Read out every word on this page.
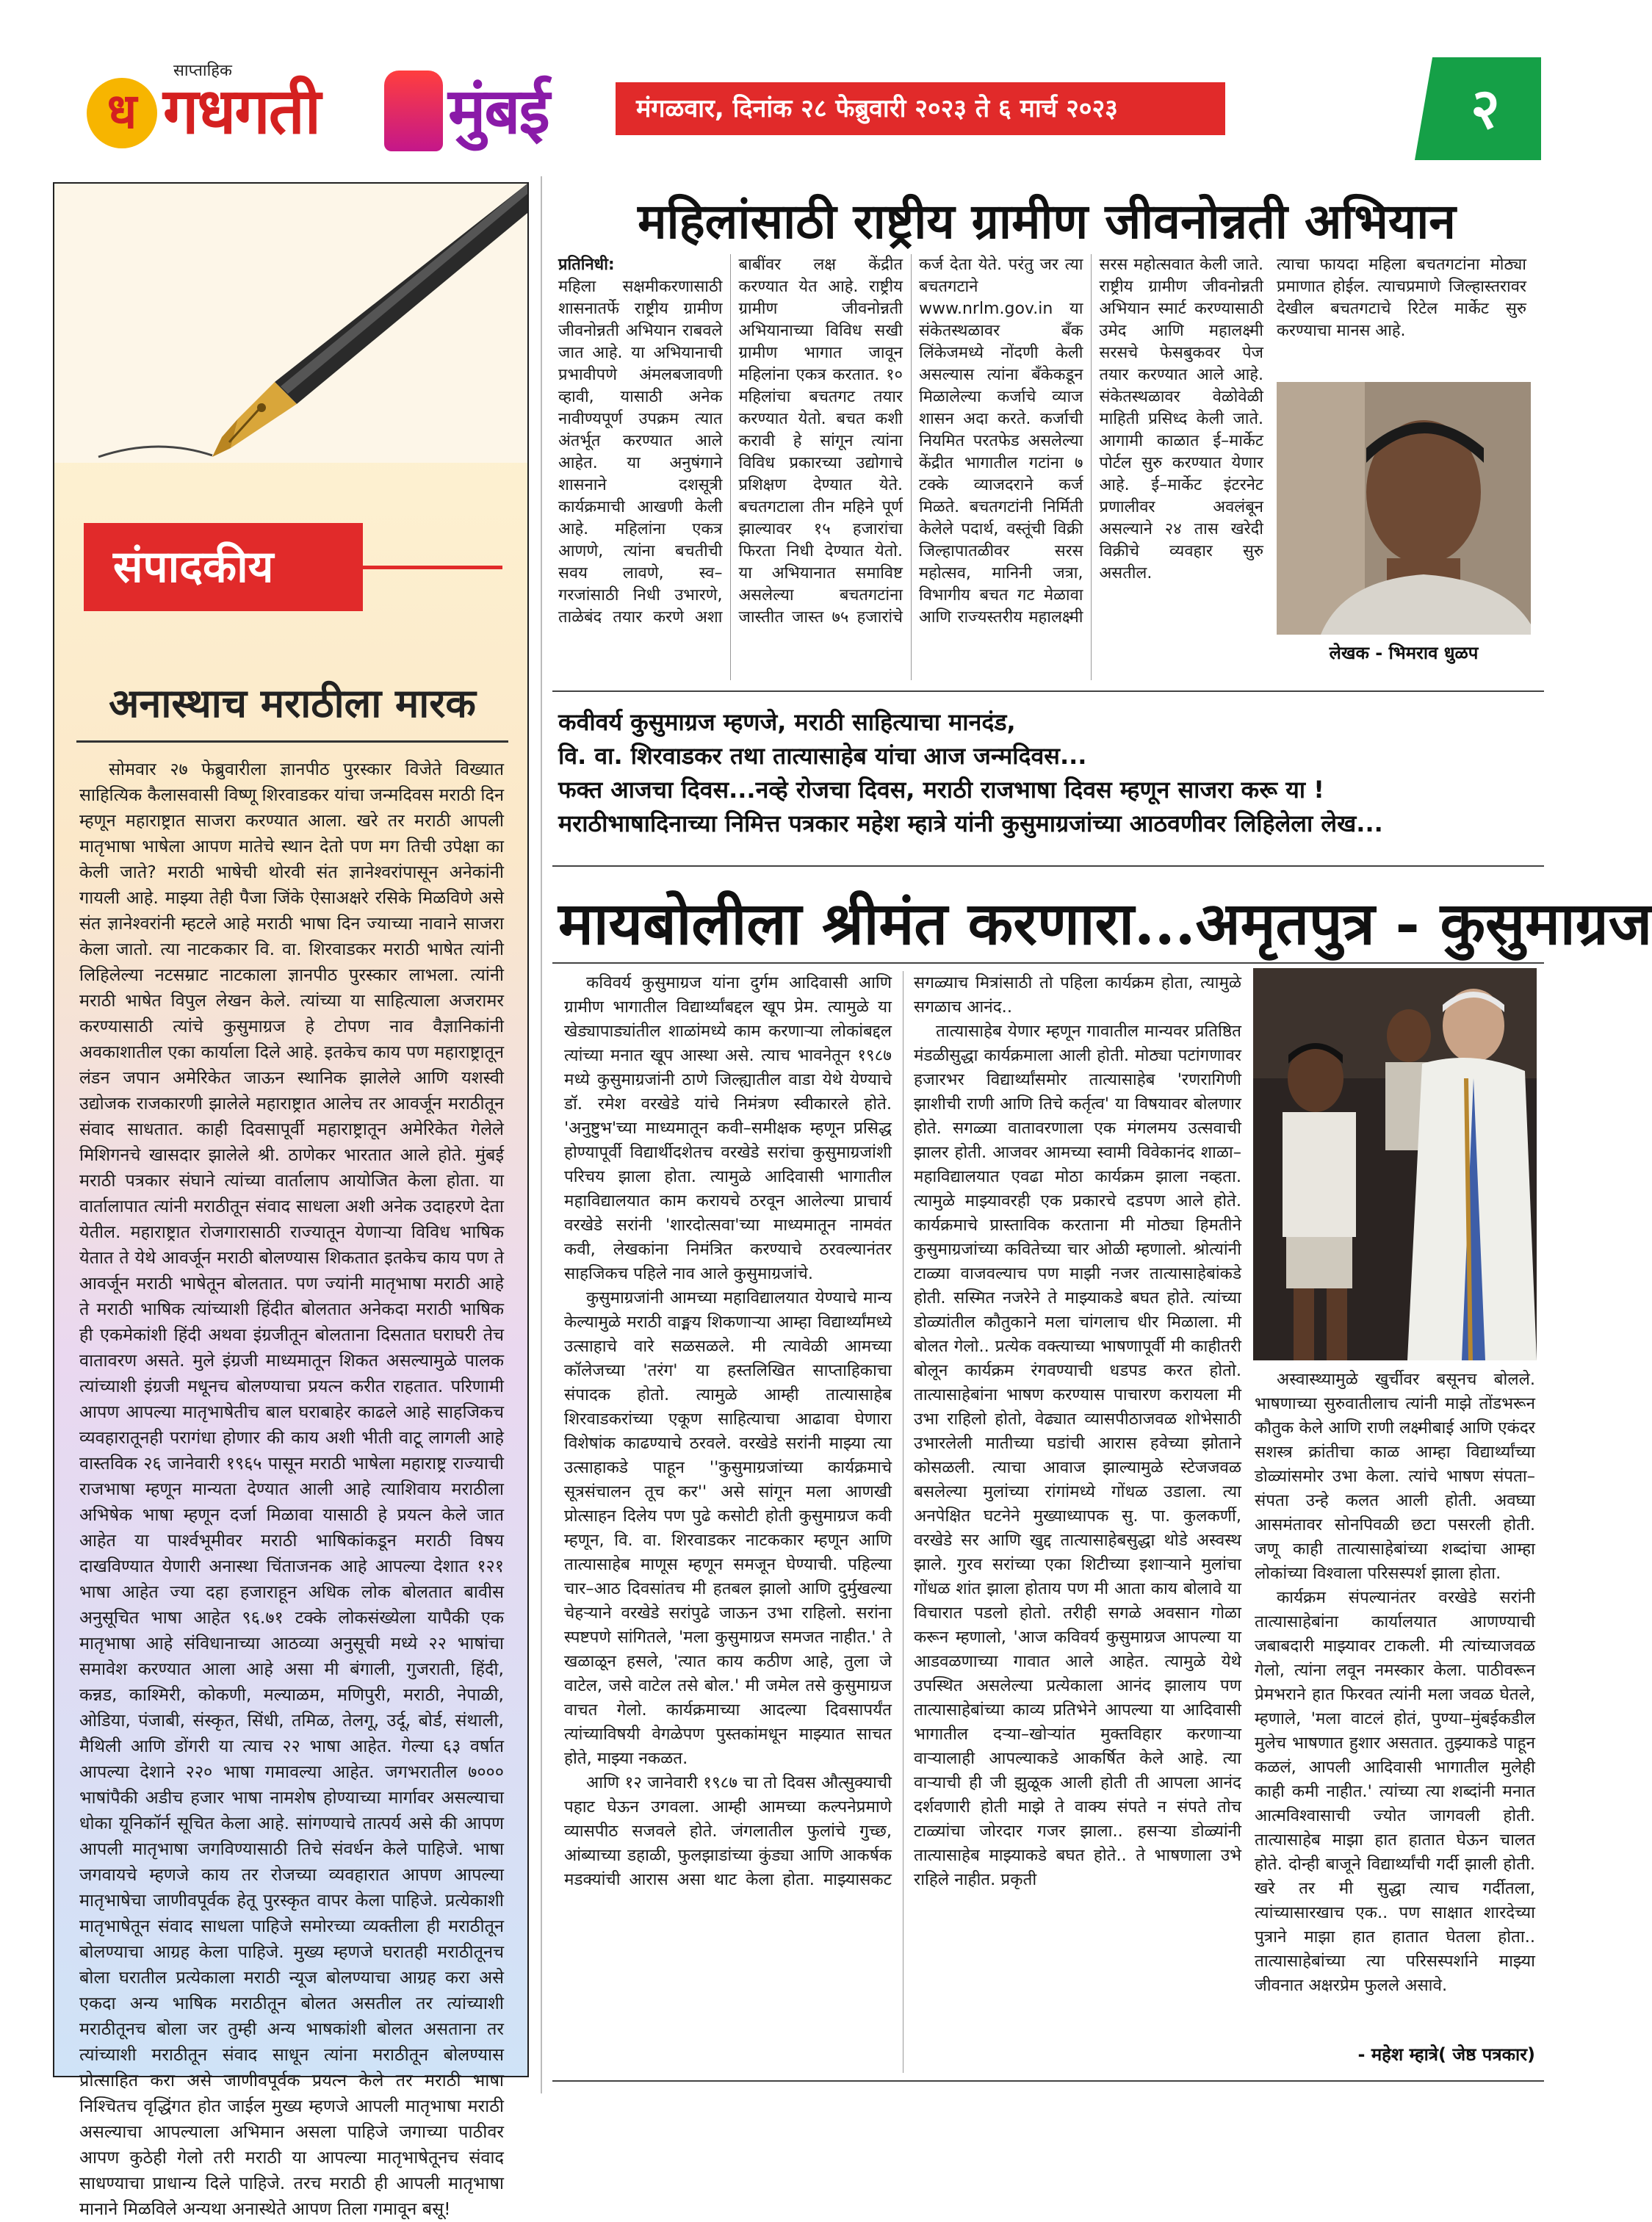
साप्ताहिक
ध गधगती मुंबई	मंगळवार, दिनांक २८ फेब्रुवारी २०२३ ते ६ मार्च २०२३	२
संपादकीय
अनास्थाच मराठीला मारक
सोमवार २७ फेब्रुवारीला ज्ञानपीठ पुरस्कार विजेते विख्यात साहित्यिक कैलासवासी विष्णू शिरवाडकर यांचा जन्मदिवस मराठी दिन म्हणून महाराष्ट्रात साजरा करण्यात आला. खरे तर मराठी आपली मातृभाषा भाषेला आपण मातेचे स्थान देतो पण मग तिची उपेक्षा का केली जाते? मराठी भाषेची थोरवी संत ज्ञानेश्वरांपासून अनेकांनी गायली आहे. माझ्या तेही पैजा जिंके ऐसाअक्षरे रसिके मिळविणे असे संत ज्ञानेश्वरांनी म्हटले आहे मराठी भाषा दिन ज्याच्या नावाने साजरा केला जातो. त्या नाटककार वि. वा. शिरवाडकर मराठी भाषेत त्यांनी लिहिलेल्या नटसम्राट नाटकाला ज्ञानपीठ पुरस्कार लाभला. त्यांनी मराठी भाषेत विपुल लेखन केले. त्यांच्या या साहित्याला अजरामर करण्यासाठी त्यांचे कुसुमाग्रज हे टोपण नाव वैज्ञानिकांनी अवकाशातील एका कार्याला दिले आहे. इतकेच काय पण महाराष्ट्रातून लंडन जपान अमेरिकेत जाऊन स्थानिक झालेले आणि यशस्वी उद्योजक राजकारणी झालेले महाराष्ट्रात आलेच तर आवर्जून मराठीतून संवाद साधतात. काही दिवसापूर्वी महाराष्ट्रातून अमेरिकेत गेलेले मिशिगनचे खासदार झालेले श्री. ठाणेकर भारतात आले होते. मुंबई मराठी पत्रकार संघाने त्यांच्या वार्तालाप आयोजित केला होता. या वार्तालापात त्यांनी मराठीतून संवाद साधला अशी अनेक उदाहरणे देता येतील. महाराष्ट्रात रोजगारासाठी राज्यातून येणाऱ्या विविध भाषिक येतात ते येथे आवर्जून मराठी बोलण्यास शिकतात इतकेच काय पण ते आवर्जून मराठी भाषेतून बोलतात. पण ज्यांनी मातृभाषा मराठी आहे ते मराठी भाषिक त्यांच्याशी हिंदीत बोलतात अनेकदा मराठी भाषिक ही एकमेकांशी हिंदी अथवा इंग्रजीतून बोलताना दिसतात घराघरी तेच वातावरण असते. मुले इंग्रजी माध्यमातून शिकत असल्यामुळे पालक त्यांच्याशी इंग्रजी मधूनच बोलण्याचा प्रयत्न करीत राहतात. परिणामी आपण आपल्या मातृभाषेतीच बाल घराबाहेर काढले आहे साहजिकच व्यवहारातूनही परागंधा होणार की काय अशी भीती वाटू लागली आहे वास्तविक २६ जानेवारी १९६५ पासून मराठी भाषेला महाराष्ट्र राज्याची राजभाषा म्हणून मान्यता देण्यात आली आहे त्याशिवाय मराठीला अभिषेक भाषा म्हणून दर्जा मिळावा यासाठी हे प्रयत्न केले जात आहेत या पार्श्वभूमीवर मराठी भाषिकांकडून मराठी विषय दाखविण्यात येणारी अनास्था चिंताजनक आहे आपल्या देशात १२१ भाषा आहेत ज्या दहा हजाराहून अधिक लोक बोलतात बावीस अनुसूचित भाषा आहेत ९६.७१ टक्के लोकसंख्येला यापैकी एक मातृभाषा आहे संविधानाच्या आठव्या अनुसूची मध्ये २२ भाषांचा समावेश करण्यात आला आहे असा मी बंगाली, गुजराती, हिंदी, कन्नड, काश्मिरी, कोकणी, मल्याळम, मणिपुरी, मराठी, नेपाळी, ओडिया, पंजाबी, संस्कृत, सिंधी, तमिळ, तेलगू, उर्दू, बोर्ड, संथाली, मैथिली आणि डोंगरी या त्याच २२ भाषा आहेत. गेल्या ६३ वर्षात आपल्या देशाने २२० भाषा गमावल्या आहेत. जगभरातील ७००० भाषांपैकी अडीच हजार भाषा नामशेष होण्याच्या मार्गावर असल्याचा धोका यूनिकॉर्न सूचित केला आहे. सांगण्याचे तात्पर्य असे की आपण आपली मातृभाषा जगविण्यासाठी तिचे संवर्धन केले पाहिजे. भाषा जगवायचे म्हणजे काय तर रोजच्या व्यवहारात आपण आपल्या मातृभाषेचा जाणीवपूर्वक हेतू पुरस्कृत वापर केला पाहिजे. प्रत्येकाशी मातृभाषेतून संवाद साधला पाहिजे समोरच्या व्यक्तीला ही मराठीतून बोलण्याचा आग्रह केला पाहिजे. मुख्य म्हणजे घरातही मराठीतूनच बोला घरातील प्रत्येकाला मराठी न्यूज बोलण्याचा आग्रह करा असे एकदा अन्य भाषिक मराठीतून बोलत असतील तर त्यांच्याशी मराठीतूनच बोला जर तुम्ही अन्य भाषकांशी बोलत असताना तर त्यांच्याशी मराठीतून संवाद साधून त्यांना मराठीतून बोलण्यास प्रोत्साहित करा असे जाणीवपूर्वक प्रयत्न केले तर मराठी भाषा निश्चितच वृद्धिंगत होत जाईल मुख्य म्हणजे आपली मातृभाषा मराठी असल्याचा आपल्याला अभिमान असला पाहिजे जगाच्या पाठीवर आपण कुठेही गेलो तरी मराठी या आपल्या मातृभाषेतूनच संवाद साधण्याचा प्राधान्य दिले पाहिजे. तरच मराठी ही आपली मातृभाषा मानाने मिळविले अन्यथा अनास्थेते आपण तिला गमावून बसू!
महिलांसाठी राष्ट्रीय ग्रामीण जीवनोन्नती अभियान
प्रतिनिधी:
महिला सक्षमीकरणासाठी शासनातर्फे राष्ट्रीय ग्रामीण जीवनोन्नती अभियान राबवले जात आहे. या अभियानाची प्रभावीपणे अंमलबजावणी व्हावी, यासाठी अनेक नावीण्यपूर्ण उपक्रम त्यात अंतर्भूत करण्यात आले आहेत. या अनुषंगाने शासनाने दशसूत्री कार्यक्रमाची आखणी केली आहे. महिलांना एकत्र आणणे, त्यांना बचतीची सवय लावणे, स्व–गरजांसाठी निधी उभारणे, ताळेबंद तयार करणे अशा बाबींवर लक्ष केंद्रीत करण्यात येत आहे. राष्ट्रीय ग्रामीण जीवनोन्नती अभियानाच्या विविध सखी ग्रामीण भागात जावून महिलांना एकत्र करतात. १० महिलांचा बचतगट तयार करण्यात येतो. बचत कशी करावी हे सांगून त्यांना विविध प्रकारच्या उद्योगाचे प्रशिक्षण देण्यात येते. बचतगटाला तीन महिने पूर्ण झाल्यावर १५ हजारांचा फिरता निधी देण्यात येतो. या अभियानात समाविष्ट असलेल्या बचतगटांना जास्तीत जास्त ७५ हजारांचे कर्ज देता येते. परंतु जर त्या बचतगटाने www.nrlm.gov.in या संकेतस्थळावर बँक लिंकेजमध्ये नोंदणी केली असल्यास त्यांना बँकेकडून मिळालेल्या कर्जाचे व्याज शासन अदा करते. कर्जाची नियमित परतफेड असलेल्या केंद्रीत भागातील गटांना ७ टक्के व्याजदराने कर्ज मिळते. बचतगटांनी निर्मिती केलेले पदार्थ, वस्तूंची विक्री जिल्हापातळीवर सरस महोत्सव, मानिनी जत्रा, विभागीय बचत गट मेळावा आणि राज्यस्तरीय महालक्ष्मी सरस महोत्सवात केली जाते. राष्ट्रीय ग्रामीण जीवनोन्नती अभियान स्मार्ट करण्यासाठी उमेद आणि महालक्ष्मी सरसचे फेसबुकवर पेज तयार करण्यात आले आहे. संकेतस्थळावर वेळोवेळी माहिती प्रसिध्द केली जाते. आगामी काळात ई–मार्केट पोर्टल सुरु करण्यात येणार आहे. ई–मार्केट इंटरनेट प्रणालीवर अवलंबून असल्याने २४ तास खरेदी विक्रीचे व्यवहार सुरु असतील.
त्याचा फायदा महिला बचतगटांना मोठ्या प्रमाणात होईल. त्याचप्रमाणे जिल्हास्तरावर देखील बचतगटाचे रिटेल मार्केट सुरु करण्याचा मानस आहे.
लेखक - भिमराव धुळप
कवीवर्य कुसुमाग्रज म्हणजे, मराठी साहित्याचा मानदंड,
वि. वा. शिरवाडकर तथा तात्यासाहेब यांचा आज जन्मदिवस...
फक्त आजचा दिवस...नव्हे रोजचा दिवस, मराठी राजभाषा दिवस म्हणून साजरा करू या !
मराठीभाषादिनाच्या निमित्त पत्रकार महेश म्हात्रे यांनी कुसुमाग्रजांच्या आठवणीवर लिहिलेला लेख...
मायबोलीला श्रीमंत करणारा...अमृतपुत्र - कुसुमाग्रज

कविवर्य कुसुमाग्रज यांना दुर्गम आदिवासी आणि ग्रामीण भागातील विद्यार्थ्यांबद्दल खूप प्रेम. त्यामुळे या खेड्यापाड्यांतील शाळांमध्ये काम करणाऱ्या लोकांबद्दल त्यांच्या मनात खूप आस्था असे. त्याच भावनेतून १९८७ मध्ये कुसुमाग्रजांनी ठाणे जिल्ह्यातील वाडा येथे येण्याचे डॉ. रमेश वरखेडे यांचे निमंत्रण स्वीकारले होते. 'अनुष्टुभ'च्या माध्यमातून कवी–समीक्षक म्हणून प्रसिद्ध होण्यापूर्वी विद्यार्थीदशेतच वरखेडे सरांचा कुसुमाग्रजांशी परिचय झाला होता. त्यामुळे आदिवासी भागातील महाविद्यालयात काम करायचे ठरवून आलेल्या प्राचार्य वरखेडे सरांनी 'शारदोत्सवा'च्या माध्यमातून नामवंत कवी, लेखकांना निमंत्रित करण्याचे ठरवल्यानंतर साहजिकच पहिले नाव आले कुसुमाग्रजांचे.

कुसुमाग्रजांनी आमच्या महाविद्यालयात येण्याचे मान्य केल्यामुळे मराठी वाङ्मय शिकणाऱ्या आम्हा विद्यार्थ्यांमध्ये उत्साहाचे वारे सळसळले. मी त्यावेळी आमच्या कॉलेजच्या 'तरंग' या हस्तलिखित साप्ताहिकाचा संपादक होतो. त्यामुळे आम्ही तात्यासाहेब शिरवाडकरांच्या एकूण साहित्याचा आढावा घेणारा विशेषांक काढण्याचे ठरवले. वरखेडे सरांनी माझ्या त्या उत्साहाकडे पाहून ''कुसुमाग्रजांच्या कार्यक्रमाचे सूत्रसंचालन तूच कर'' असे सांगून मला आणखी प्रोत्साहन दिलेय पण पुढे कसोटी होती कुसुमाग्रज कवी म्हणून, वि. वा. शिरवाडकर नाटककार म्हणून आणि तात्यासाहेब माणूस म्हणून समजून घेण्याची. पहिल्या चार–आठ दिवसांतच मी हतबल झालो आणि दुर्मुखल्या चेहऱ्याने वरखेडे सरांपुढे जाऊन उभा राहिलो. सरांना स्पष्टपणे सांगितले, 'मला कुसुमाग्रज समजत नाहीत.' ते खळाळून हसले, 'त्यात काय कठीण आहे, तुला जे वाटेल, जसे वाटेल तसे बोल.' मी जमेल तसे कुसुमाग्रज वाचत गेलो. कार्यक्रमाच्या आदल्या दिवसापर्यंत त्यांच्याविषयी वेगळेपण पुस्तकांमधून माझ्यात साचत होते, माझ्या नकळत.

आणि १२ जानेवारी १९८७ चा तो दिवस औत्सुक्याची पहाट घेऊन उगवला. आम्ही आमच्या कल्पनेप्रमाणे व्यासपीठ सजवले होते. जंगलातील फुलांचे गुच्छ, आंब्याच्या डहाळी, फुलझाडांच्या कुंड्या आणि आकर्षक मडक्यांची आरास असा थाट केला होता. माझ्यासकट सगळ्याच मित्रांसाठी तो पहिला कार्यक्रम होता, त्यामुळे सगळाच आनंद..

तात्यासाहेब येणार म्हणून गावातील मान्यवर प्रतिष्ठित मंडळीसुद्धा कार्यक्रमाला आली होती. मोठ्या पटांगणावर हजारभर विद्यार्थ्यांसमोर तात्यासाहेब 'रणरागिणी झाशीची राणी आणि तिचे कर्तृत्व' या विषयावर बोलणार होते. सगळ्या वातावरणाला एक मंगलमय उत्सवाची झालर होती. आजवर आमच्या स्वामी विवेकानंद शाळा–महाविद्यालयात एवढा मोठा कार्यक्रम झाला नव्हता. त्यामुळे माझ्यावरही एक प्रकारचे दडपण आले होते. कार्यक्रमाचे प्रास्ताविक करताना मी मोठ्या हिमतीने कुसुमाग्रजांच्या कवितेच्या चार ओळी म्हणालो. श्रोत्यांनी टाळ्या वाजवल्याच पण माझी नजर तात्यासाहेबांकडे होती. सस्मित नजरेने ते माझ्याकडे बघत होते. त्यांच्या डोळ्यांतील कौतुकाने मला चांगलाच धीर मिळाला. मी बोलत गेलो.. प्रत्येक वक्त्याच्या भाषणापूर्वी मी काहीतरी बोलून कार्यक्रम रंगवण्याची धडपड करत होतो. तात्यासाहेबांना भाषण करण्यास पाचारण करायला मी उभा राहिलो होतो, वेढ्यात व्यासपीठाजवळ शोभेसाठी उभारलेली मातीच्या घडांची आरास हवेच्या झोताने कोसळली. त्याचा आवाज झाल्यामुळे स्टेजजवळ बसलेल्या मुलांच्या रांगांमध्ये गोंधळ उडाला. त्या अनपेक्षित घटनेने मुख्याध्यापक सु. पा. कुलकर्णी, वरखेडे सर आणि खुद्द तात्यासाहेबसुद्धा थोडे अस्वस्थ झाले. गुरव सरांच्या एका शिटीच्या इशाऱ्याने मुलांचा गोंधळ शांत झाला होताय पण मी आता काय बोलावे या विचारात पडलो होतो. तरीही सगळे अवसान गोळा करून म्हणालो, 'आज कविवर्य कुसुमाग्रज आपल्या या आडवळणाच्या गावात आले आहेत. त्यामुळे येथे उपस्थित असलेल्या प्रत्येकाला आनंद झालाय पण तात्यासाहेबांच्या काव्य प्रतिभेने आपल्या या आदिवासी भागातील दऱ्या–खोऱ्यांत मुक्तविहार करणाऱ्या वाऱ्यालाही आपल्याकडे आकर्षित केले आहे. त्या वाऱ्याची ही जी झुळूक आली होती ती आपला आनंद दर्शवणारी होती माझे ते वाक्य संपते न संपते तोच टाळ्यांचा जोरदार गजर झाला.. हसऱ्या डोळ्यांनी तात्यासाहेब माझ्याकडे बघत होते.. ते भाषणाला उभे राहिले नाहीत. प्रकृती

अस्वास्थ्यामुळे खुर्चीवर बसूनच बोलले. भाषणाच्या सुरुवातीलाच त्यांनी माझे तोंडभरून कौतुक केले आणि राणी लक्ष्मीबाई आणि एकंदर सशस्त्र क्रांतीचा काळ आम्हा विद्यार्थ्यांच्या डोळ्यांसमोर उभा केला. त्यांचे भाषण संपता–संपता उन्हे कलत आली होती. अवघ्या आसमंतावर सोनपिवळी छटा पसरली होती. जणू काही तात्यासाहेबांच्या शब्दांचा आम्हा लोकांच्या विश्वाला परिसस्पर्श झाला होता.

कार्यक्रम संपल्यानंतर वरखेडे सरांनी तात्यासाहेबांना कार्यालयात आणण्याची जबाबदारी माझ्यावर टाकली. मी त्यांच्याजवळ गेलो, त्यांना लवून नमस्कार केला. पाठीवरून प्रेमभराने हात फिरवत त्यांनी मला जवळ घेतले, म्हणाले, 'मला वाटलं होतं, पुण्या–मुंबईकडील मुलेच भाषणात हुशार असतात. तुझ्याकडे पाहून कळलं, आपली आदिवासी भागातील मुलेही काही कमी नाहीत.' त्यांच्या त्या शब्दांनी मनात आत्मविश्वासाची ज्योत जागवली होती. तात्यासाहेब माझा हात हातात घेऊन चालत होते. दोन्ही बाजूने विद्यार्थ्यांची गर्दी झाली होती. खरे तर मी सुद्धा त्याच गर्दीतला, त्यांच्यासारखाच एक.. पण साक्षात शारदेच्या पुत्राने माझा हात हातात घेतला होता.. तात्यासाहेबांच्या त्या परिसस्पर्शाने माझ्या जीवनात अक्षरप्रेम फुलले असावे.

- महेश म्हात्रे( जेष्ठ पत्रकार)
